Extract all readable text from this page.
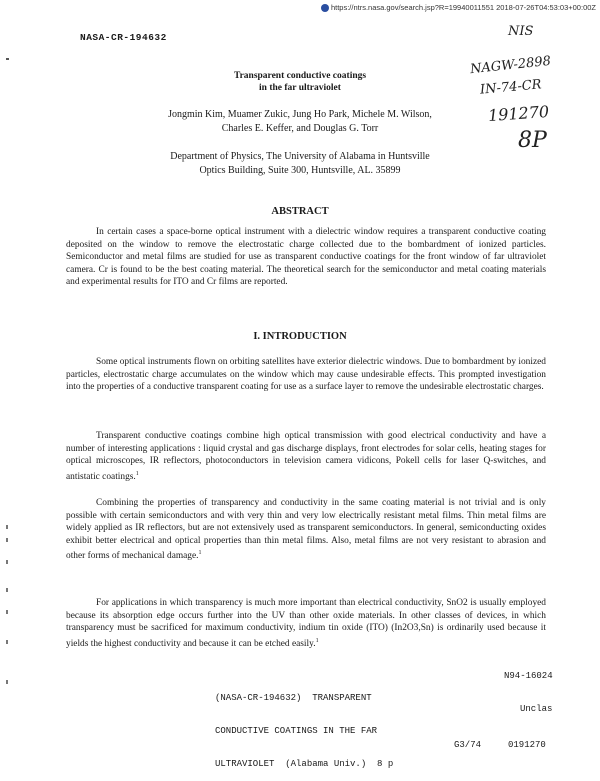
https://ntrs.nasa.gov/search.jsp?R=19940011551 2018-07-26T04:53:03+00:00Z
NASA-CR-194632	NIS
NAGW-2898
IN-74-CR
191270
8P
Transparent conductive coatings
in the far ultraviolet
Jongmin Kim, Muamer Zukic, Jung Ho Park, Michele M. Wilson,
Charles E. Keffer, and Douglas G. Torr
Department of Physics, The University of Alabama in Huntsville
Optics Building, Suite 300, Huntsville, AL. 35899
ABSTRACT

In certain cases a space-borne optical instrument with a dielectric window requires a transparent conductive coating deposited on the window to remove the electrostatic charge collected due to the bombardment of ionized particles. Semiconductor and metal films are studied for use as transparent conductive coatings for the front window of far ultraviolet camera. Cr is found to be the best coating material. The theoretical search for the semiconductor and metal coating materials and experimental results for ITO and Cr films are reported.

I. INTRODUCTION

Some optical instruments flown on orbiting satellites have exterior dielectric windows. Due to bombardment by ionized particles, electrostatic charge accumulates on the window which may cause undesirable effects. This prompted investigation into the properties of a conductive transparent coating for use as a surface layer to remove the undesirable electrostatic charges.

Transparent conductive coatings combine high optical transmission with good electrical conductivity and have a number of interesting applications : liquid crystal and gas discharge displays, front electrodes for solar cells, heating stages for optical microscopes, IR reflectors, photoconductors in television camera vidicons, Pokell cells for laser Q-switches, and antistatic coatings.$^1$

Combining the properties of transparency and conductivity in the same coating material is not trivial and is only possible with certain semiconductors and with very thin and very low electrically resistant metal films. Thin metal films are widely applied as IR reflectors, but are not extensively used as transparent semiconductors. In general, semiconducting oxides exhibit better electrical and optical properties than thin metal films. Also, metal films are not very resistant to abrasion and other forms of mechanical damage.$^1$

For applications in which transparency is much more important than electrical conductivity, SnO2 is usually employed because its absorption edge occurs further into the UV than other oxide materials. In other classes of devices, in which transparency must be sacrificed for maximum conductivity, indium tin oxide (ITO) (In2O3,Sn) is ordinarily used because it yields the highest conductivity and because it can be etched easily.$^1$

(NASA-CR-194632)  TRANSPARENT

CONDUCTIVE COATINGS IN THE FAR

ULTRAVIOLET  (Alabama Univ.)  8 p

N94-16024
Unclas
G3/74	0191270
